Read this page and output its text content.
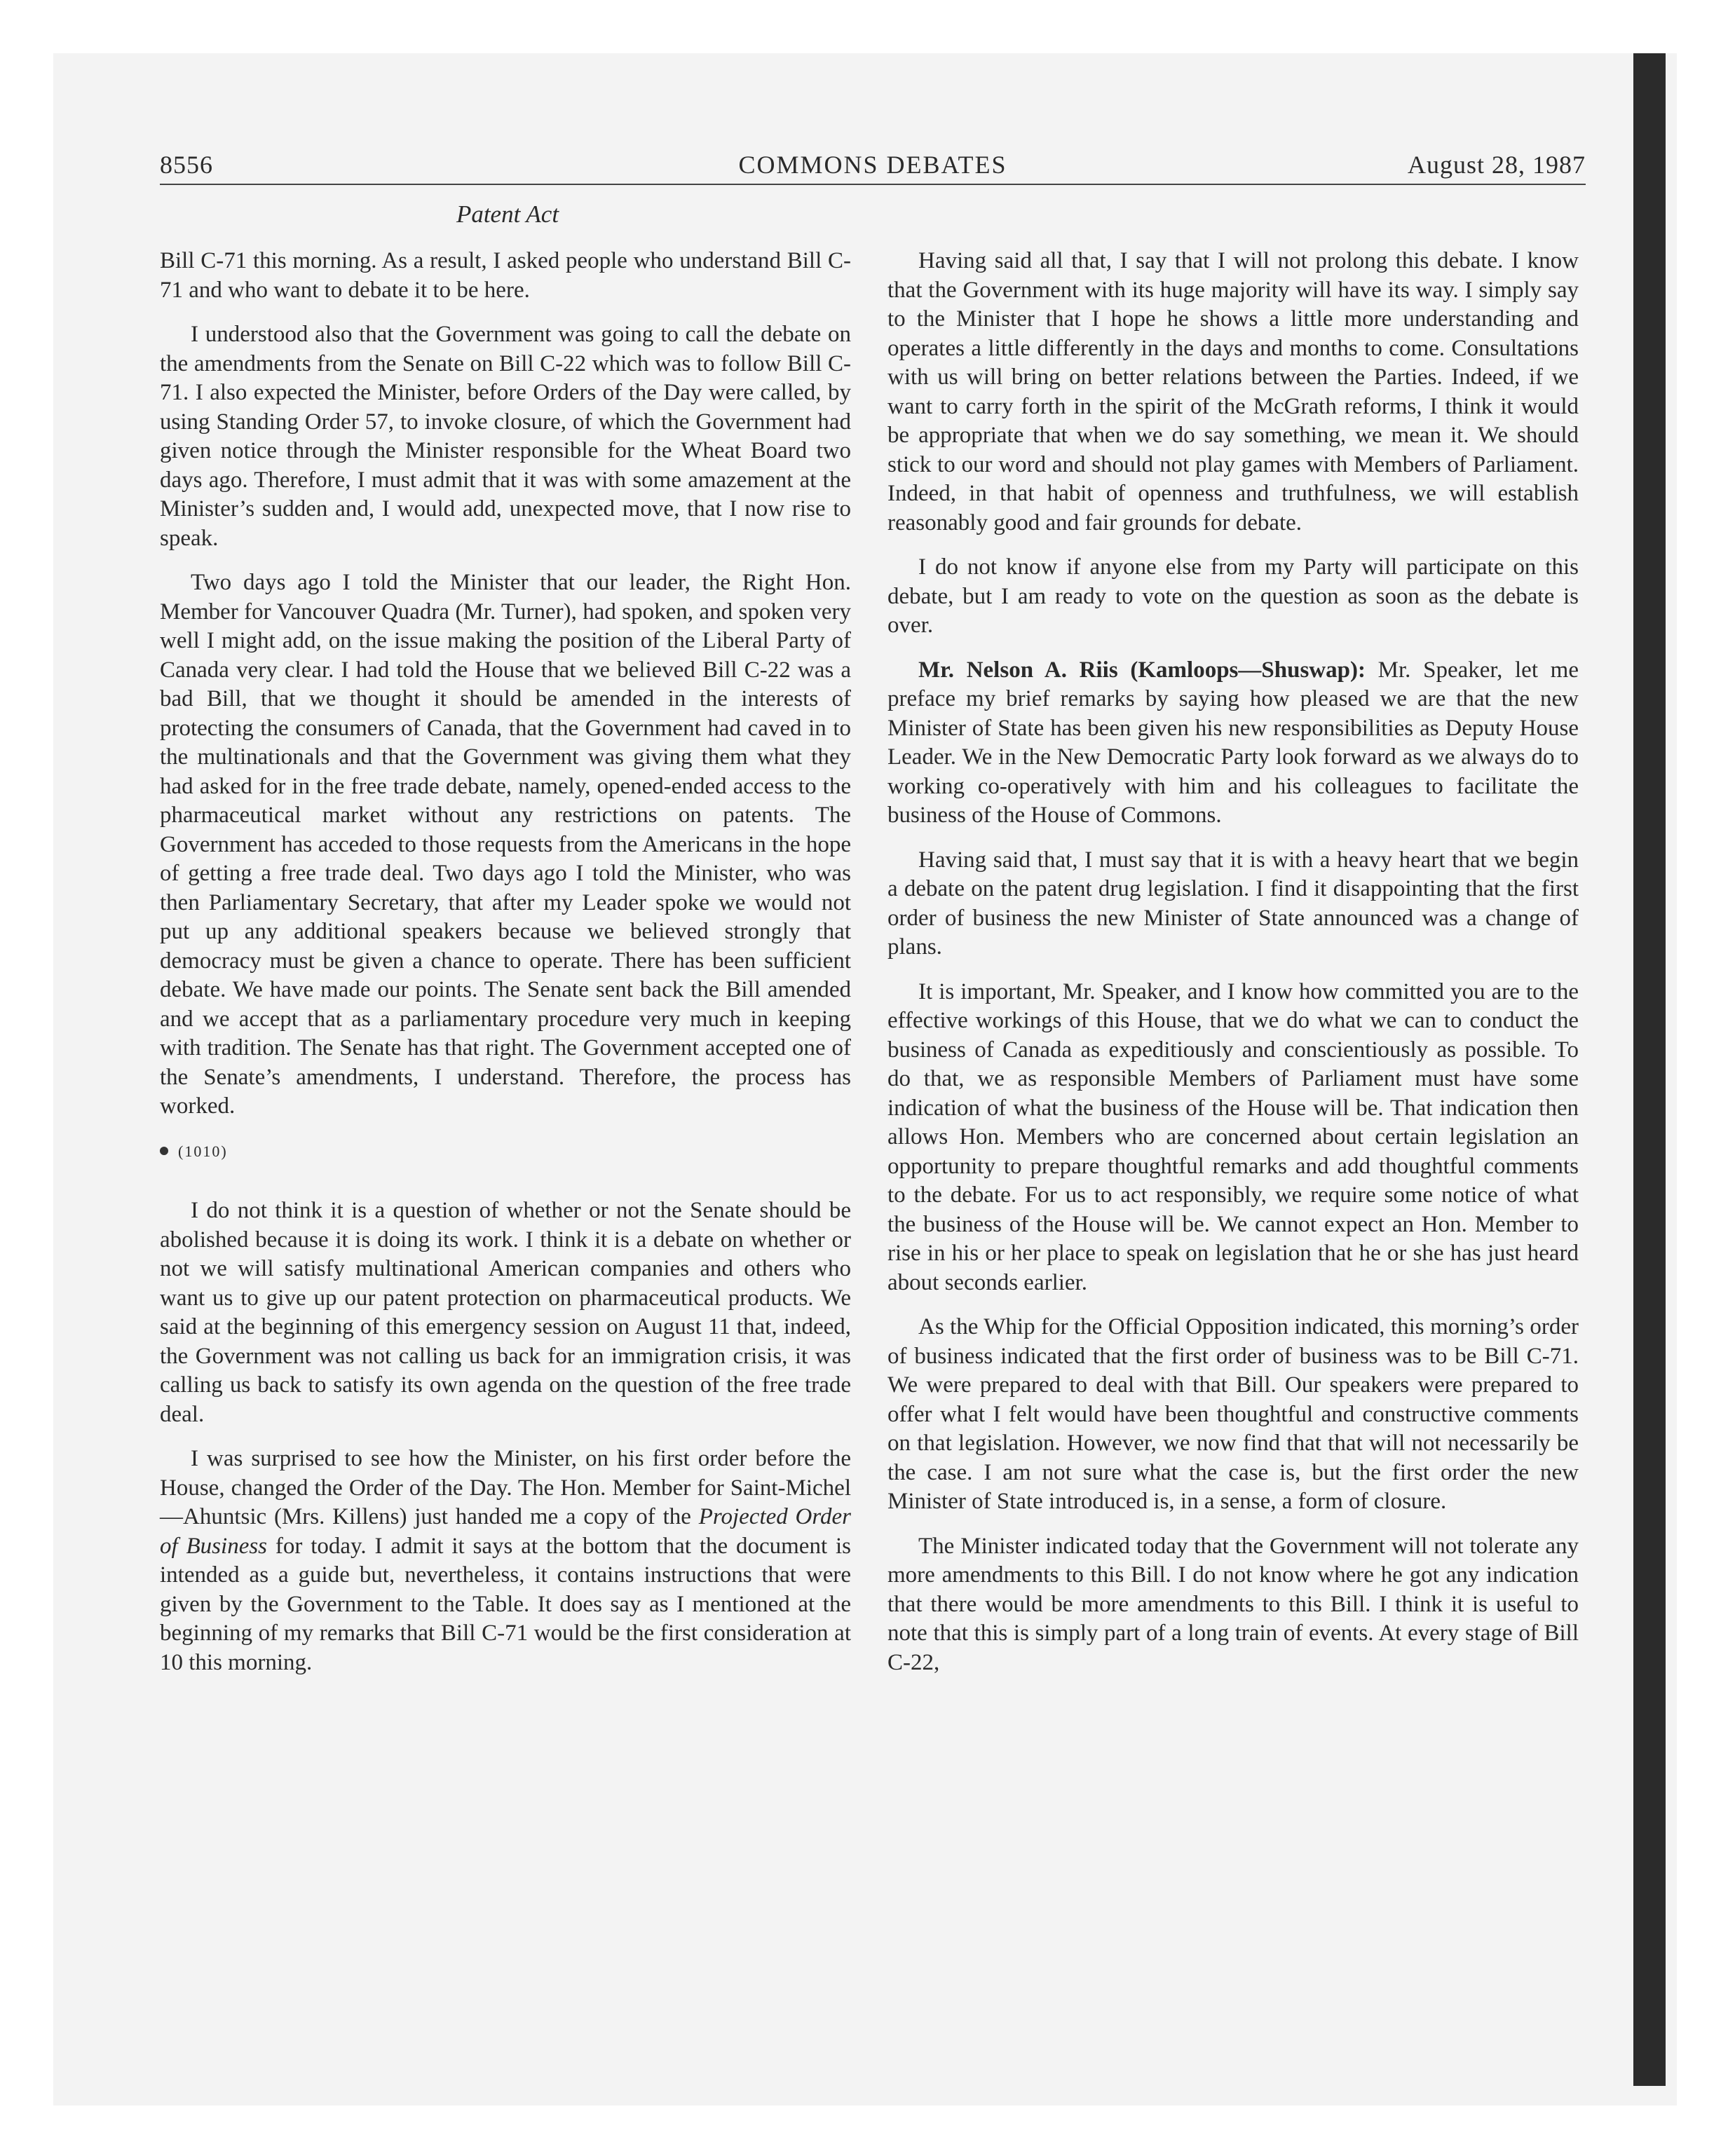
8556	COMMONS DEBATES	August 28, 1987
Patent Act

Bill C-71 this morning. As a result, I asked people who understand Bill C-71 and who want to debate it to be here.

I understood also that the Government was going to call the debate on the amendments from the Senate on Bill C-22 which was to follow Bill C-71. I also expected the Minister, before Orders of the Day were called, by using Standing Order 57, to invoke closure, of which the Government had given notice through the Minister responsible for the Wheat Board two days ago. Therefore, I must admit that it was with some amazement at the Minister’s sudden and, I would add, unexpected move, that I now rise to speak.

Two days ago I told the Minister that our leader, the Right Hon. Member for Vancouver Quadra (Mr. Turner), had spoken, and spoken very well I might add, on the issue making the position of the Liberal Party of Canada very clear. I had told the House that we believed Bill C-22 was a bad Bill, that we thought it should be amended in the interests of protecting the consumers of Canada, that the Government had caved in to the multinationals and that the Government was giving them what they had asked for in the free trade debate, namely, opened-ended access to the pharmaceutical market without any restrictions on patents. The Government has acceded to those requests from the Americans in the hope of getting a free trade deal. Two days ago I told the Minister, who was then Parliamentary Secretary, that after my Leader spoke we would not put up any additional speakers because we believed strongly that democracy must be given a chance to operate. There has been sufficient debate. We have made our points. The Senate sent back the Bill amended and we accept that as a parliamentary procedure very much in keeping with tradition. The Senate has that right. The Government accepted one of the Senate’s amendments, I understand. Therefore, the process has worked.

(1010)

I do not think it is a question of whether or not the Senate should be abolished because it is doing its work. I think it is a debate on whether or not we will satisfy multinational American companies and others who want us to give up our patent protection on pharmaceutical products. We said at the beginning of this emergency session on August 11 that, indeed, the Government was not calling us back for an immigration crisis, it was calling us back to satisfy its own agenda on the question of the free trade deal.

I was surprised to see how the Minister, on his first order before the House, changed the Order of the Day. The Hon. Member for Saint-Michel—Ahuntsic (Mrs. Killens) just handed me a copy of the Projected Order of Business for today. I admit it says at the bottom that the document is intended as a guide but, nevertheless, it contains instructions that were given by the Government to the Table. It does say as I mentioned at the beginning of my remarks that Bill C-71 would be the first consideration at 10 this morning.

Having said all that, I say that I will not prolong this debate. I know that the Government with its huge majority will have its way. I simply say to the Minister that I hope he shows a little more understanding and operates a little differently in the days and months to come. Consultations with us will bring on better relations between the Parties. Indeed, if we want to carry forth in the spirit of the McGrath reforms, I think it would be appropriate that when we do say something, we mean it. We should stick to our word and should not play games with Members of Parliament. Indeed, in that habit of openness and truthfulness, we will establish reasonably good and fair grounds for debate.

I do not know if anyone else from my Party will participate on this debate, but I am ready to vote on the question as soon as the debate is over.

Mr. Nelson A. Riis (Kamloops—Shuswap): Mr. Speaker, let me preface my brief remarks by saying how pleased we are that the new Minister of State has been given his new responsibilities as Deputy House Leader. We in the New Democratic Party look forward as we always do to working co-operatively with him and his colleagues to facilitate the business of the House of Commons.

Having said that, I must say that it is with a heavy heart that we begin a debate on the patent drug legislation. I find it disappointing that the first order of business the new Minister of State announced was a change of plans.

It is important, Mr. Speaker, and I know how committed you are to the effective workings of this House, that we do what we can to conduct the business of Canada as expeditiously and conscientiously as possible. To do that, we as responsible Members of Parliament must have some indication of what the business of the House will be. That indication then allows Hon. Members who are concerned about certain legislation an opportunity to prepare thoughtful remarks and add thoughtful comments to the debate. For us to act responsibly, we require some notice of what the business of the House will be. We cannot expect an Hon. Member to rise in his or her place to speak on legislation that he or she has just heard about seconds earlier.

As the Whip for the Official Opposition indicated, this morning’s order of business indicated that the first order of business was to be Bill C-71. We were prepared to deal with that Bill. Our speakers were prepared to offer what I felt would have been thoughtful and constructive comments on that legislation. However, we now find that that will not necessarily be the case. I am not sure what the case is, but the first order the new Minister of State introduced is, in a sense, a form of closure.

The Minister indicated today that the Government will not tolerate any more amendments to this Bill. I do not know where he got any indication that there would be more amendments to this Bill. I think it is useful to note that this is simply part of a long train of events. At every stage of Bill C-22,
